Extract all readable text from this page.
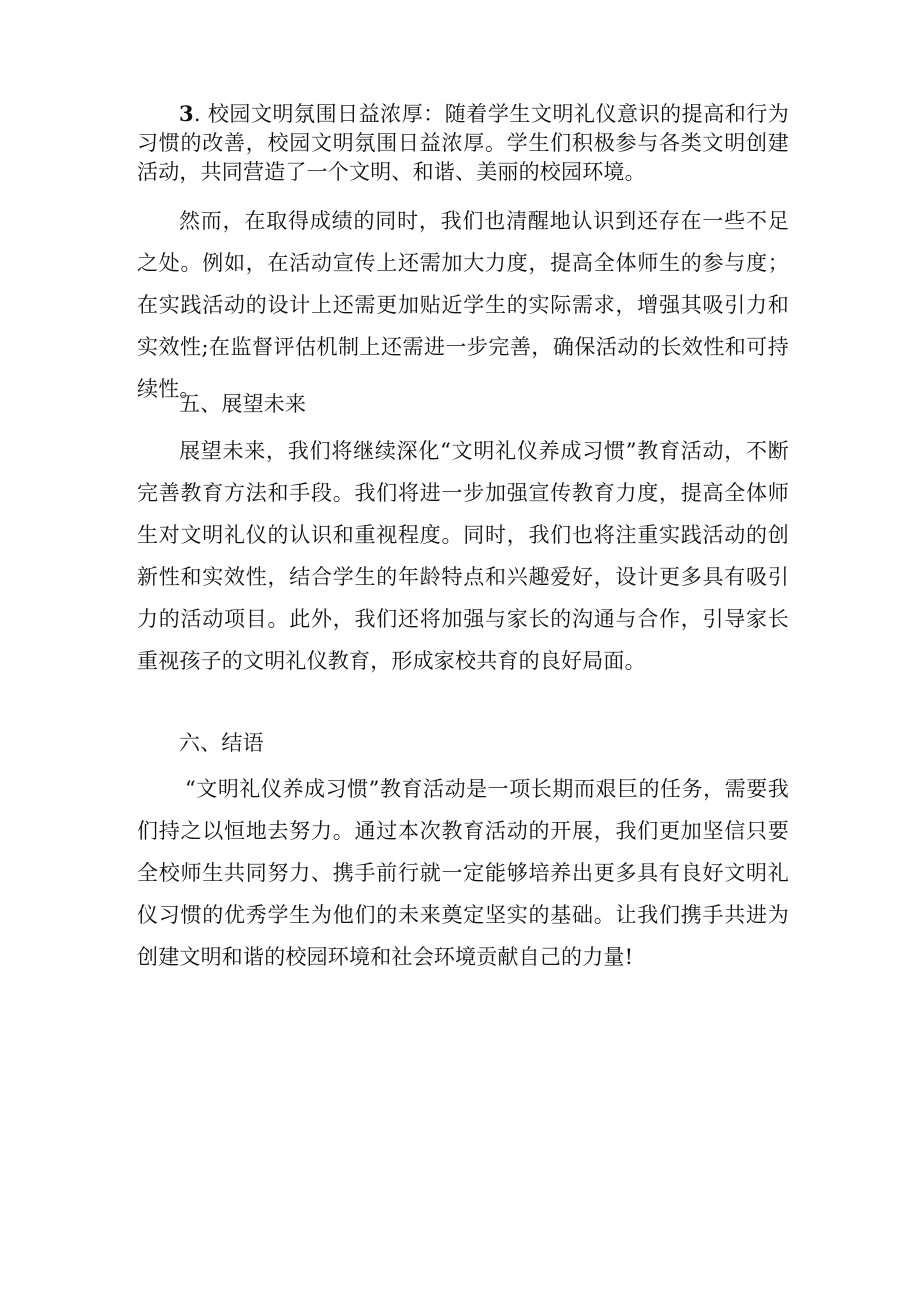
3. 校园文明氛围日益浓厚：随着学生文明礼仪意识的提高和行为习惯的改善，校园文明氛围日益浓厚。学生们积极参与各类文明创建活动，共同营造了一个文明、和谐、美丽的校园环境。

然而，在取得成绩的同时，我们也清醒地认识到还存在一些不足之处。例如，在活动宣传上还需加大力度，提高全体师生的参与度；在实践活动的设计上还需更加贴近学生的实际需求，增强其吸引力和实效性;在监督评估机制上还需进一步完善，确保活动的长效性和可持续性。

五、展望未来

展望未来，我们将继续深化“文明礼仪养成习惯”教育活动，不断完善教育方法和手段。我们将进一步加强宣传教育力度，提高全体师生对文明礼仪的认识和重视程度。同时，我们也将注重实践活动的创新性和实效性，结合学生的年龄特点和兴趣爱好，设计更多具有吸引力的活动项目。此外，我们还将加强与家长的沟通与合作，引导家长重视孩子的文明礼仪教育，形成家校共育的良好局面。

六、结语

“文明礼仪养成习惯”教育活动是一项长期而艰巨的任务，需要我们持之以恒地去努力。通过本次教育活动的开展，我们更加坚信只要全校师生共同努力、携手前行就一定能够培养出更多具有良好文明礼仪习惯的优秀学生为他们的未来奠定坚实的基础。让我们携手共进为创建文明和谐的校园环境和社会环境贡献自己的力量!
